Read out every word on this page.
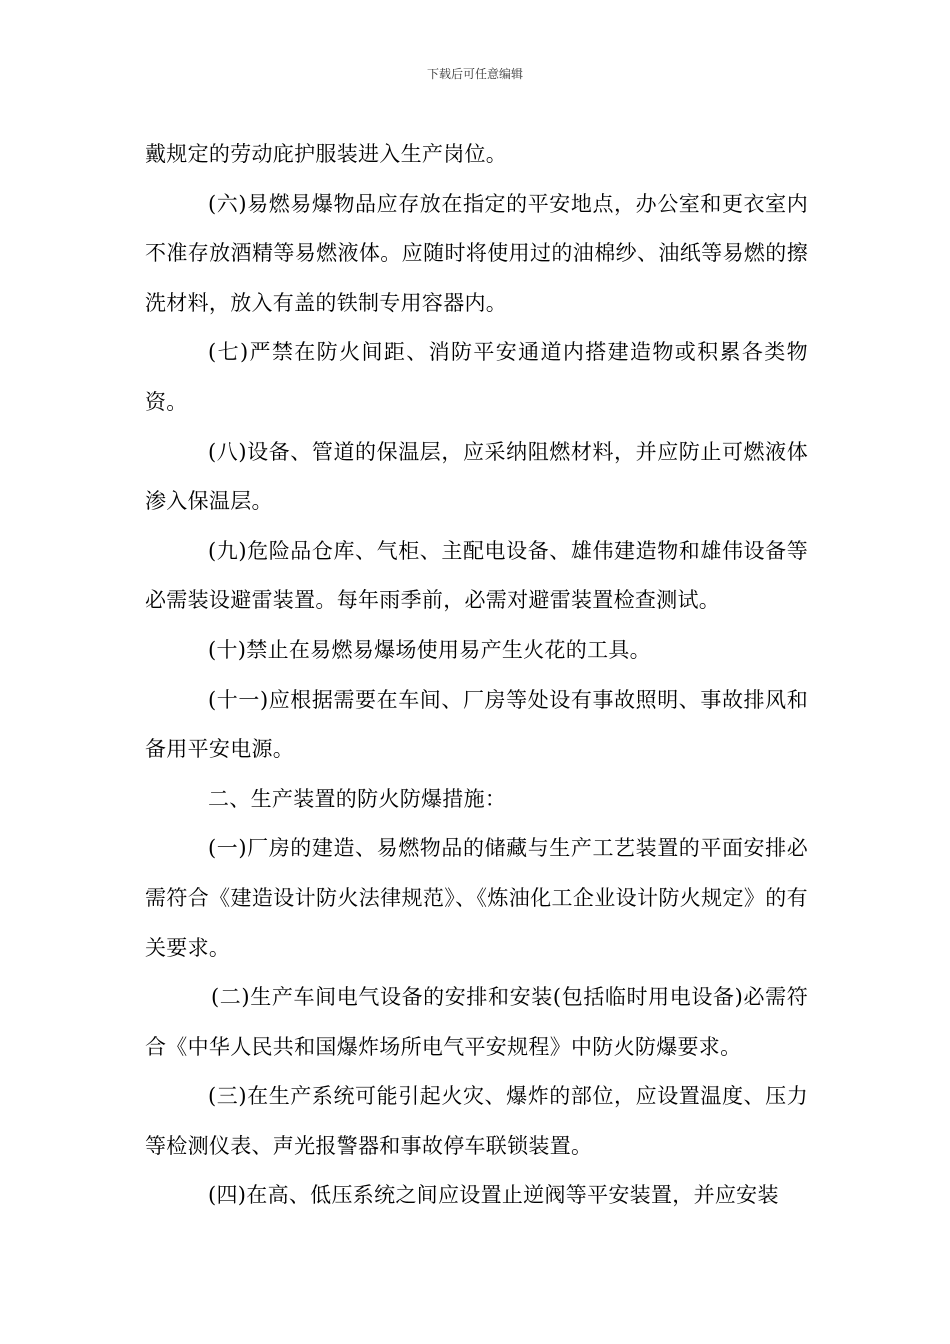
下载后可任意编辑

戴规定的劳动庇护服装进入生产岗位。

(六)易燃易爆物品应存放在指定的平安地点，办公室和更衣室内不准存放酒精等易燃液体。应随时将使用过的油棉纱、油纸等易燃的擦洗材料，放入有盖的铁制专用容器内。

(七)严禁在防火间距、消防平安通道内搭建造物或积累各类物资。

(八)设备、管道的保温层，应采纳阻燃材料，并应防止可燃液体渗入保温层。

(九)危险品仓库、气柜、主配电设备、雄伟建造物和雄伟设备等必需装设避雷装置。每年雨季前，必需对避雷装置检查测试。

(十)禁止在易燃易爆场使用易产生火花的工具。

(十一)应根据需要在车间、厂房等处设有事故照明、事故排风和备用平安电源。

二、生产装置的防火防爆措施：

(一)厂房的建造、易燃物品的储藏与生产工艺装置的平面安排必需符合《建造设计防火法律规范》、《炼油化工企业设计防火规定》的有关要求。

(二)生产车间电气设备的安排和安装(包括临时用电设备)必需符合《中华人民共和国爆炸场所电气平安规程》中防火防爆要求。

(三)在生产系统可能引起火灾、爆炸的部位，应设置温度、压力等检测仪表、声光报警器和事故停车联锁装置。

(四)在高、低压系统之间应设置止逆阀等平安装置，并应安装
